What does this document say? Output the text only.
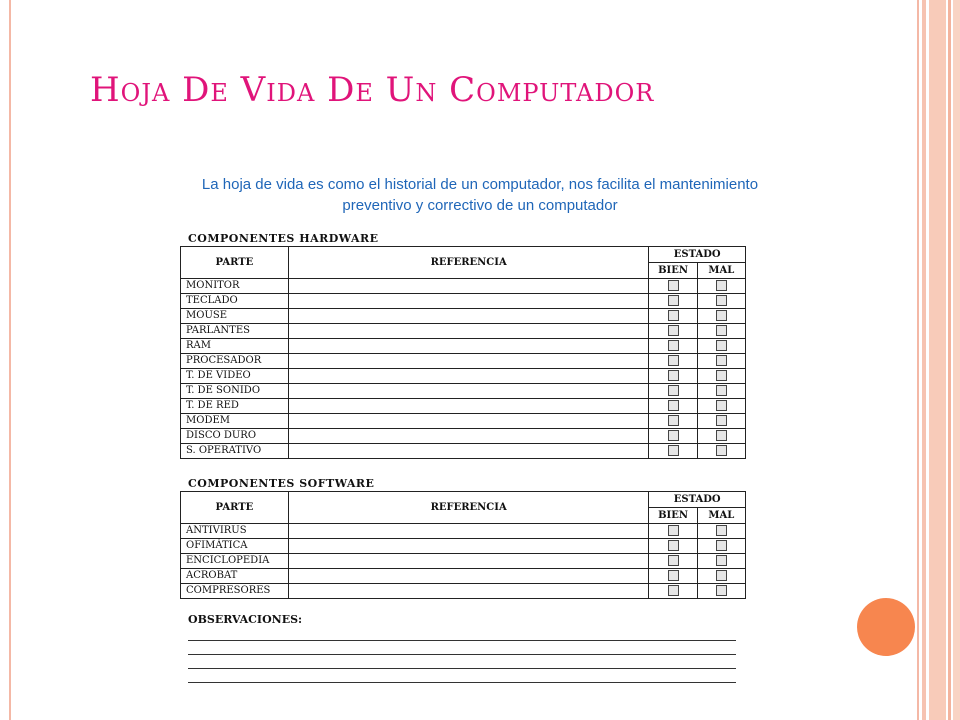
Hoja De Vida De Un Computador
La hoja de vida es como el historial de un computador, nos facilita el mantenimiento
preventivo y correctivo de un computador
COMPONENTES HARDWARE
PARTE	REFERENCIA	ESTADO	
		BIEN	MAL
MONITOR			
TECLADO			
MOUSE			
PARLANTES			
RAM			
PROCESADOR			
T. DE VIDEO			
T. DE SONIDO			
T. DE RED			
MODEM			
DISCO DURO			
S. OPERATIVO			
COMPONENTES SOFTWARE
PARTE	REFERENCIA	ESTADO	
		BIEN	MAL
ANTIVIRUS			
OFIMÁTICA			
ENCICLOPEDIA			
ACROBAT			
COMPRESORES			
OBSERVACIONES:
